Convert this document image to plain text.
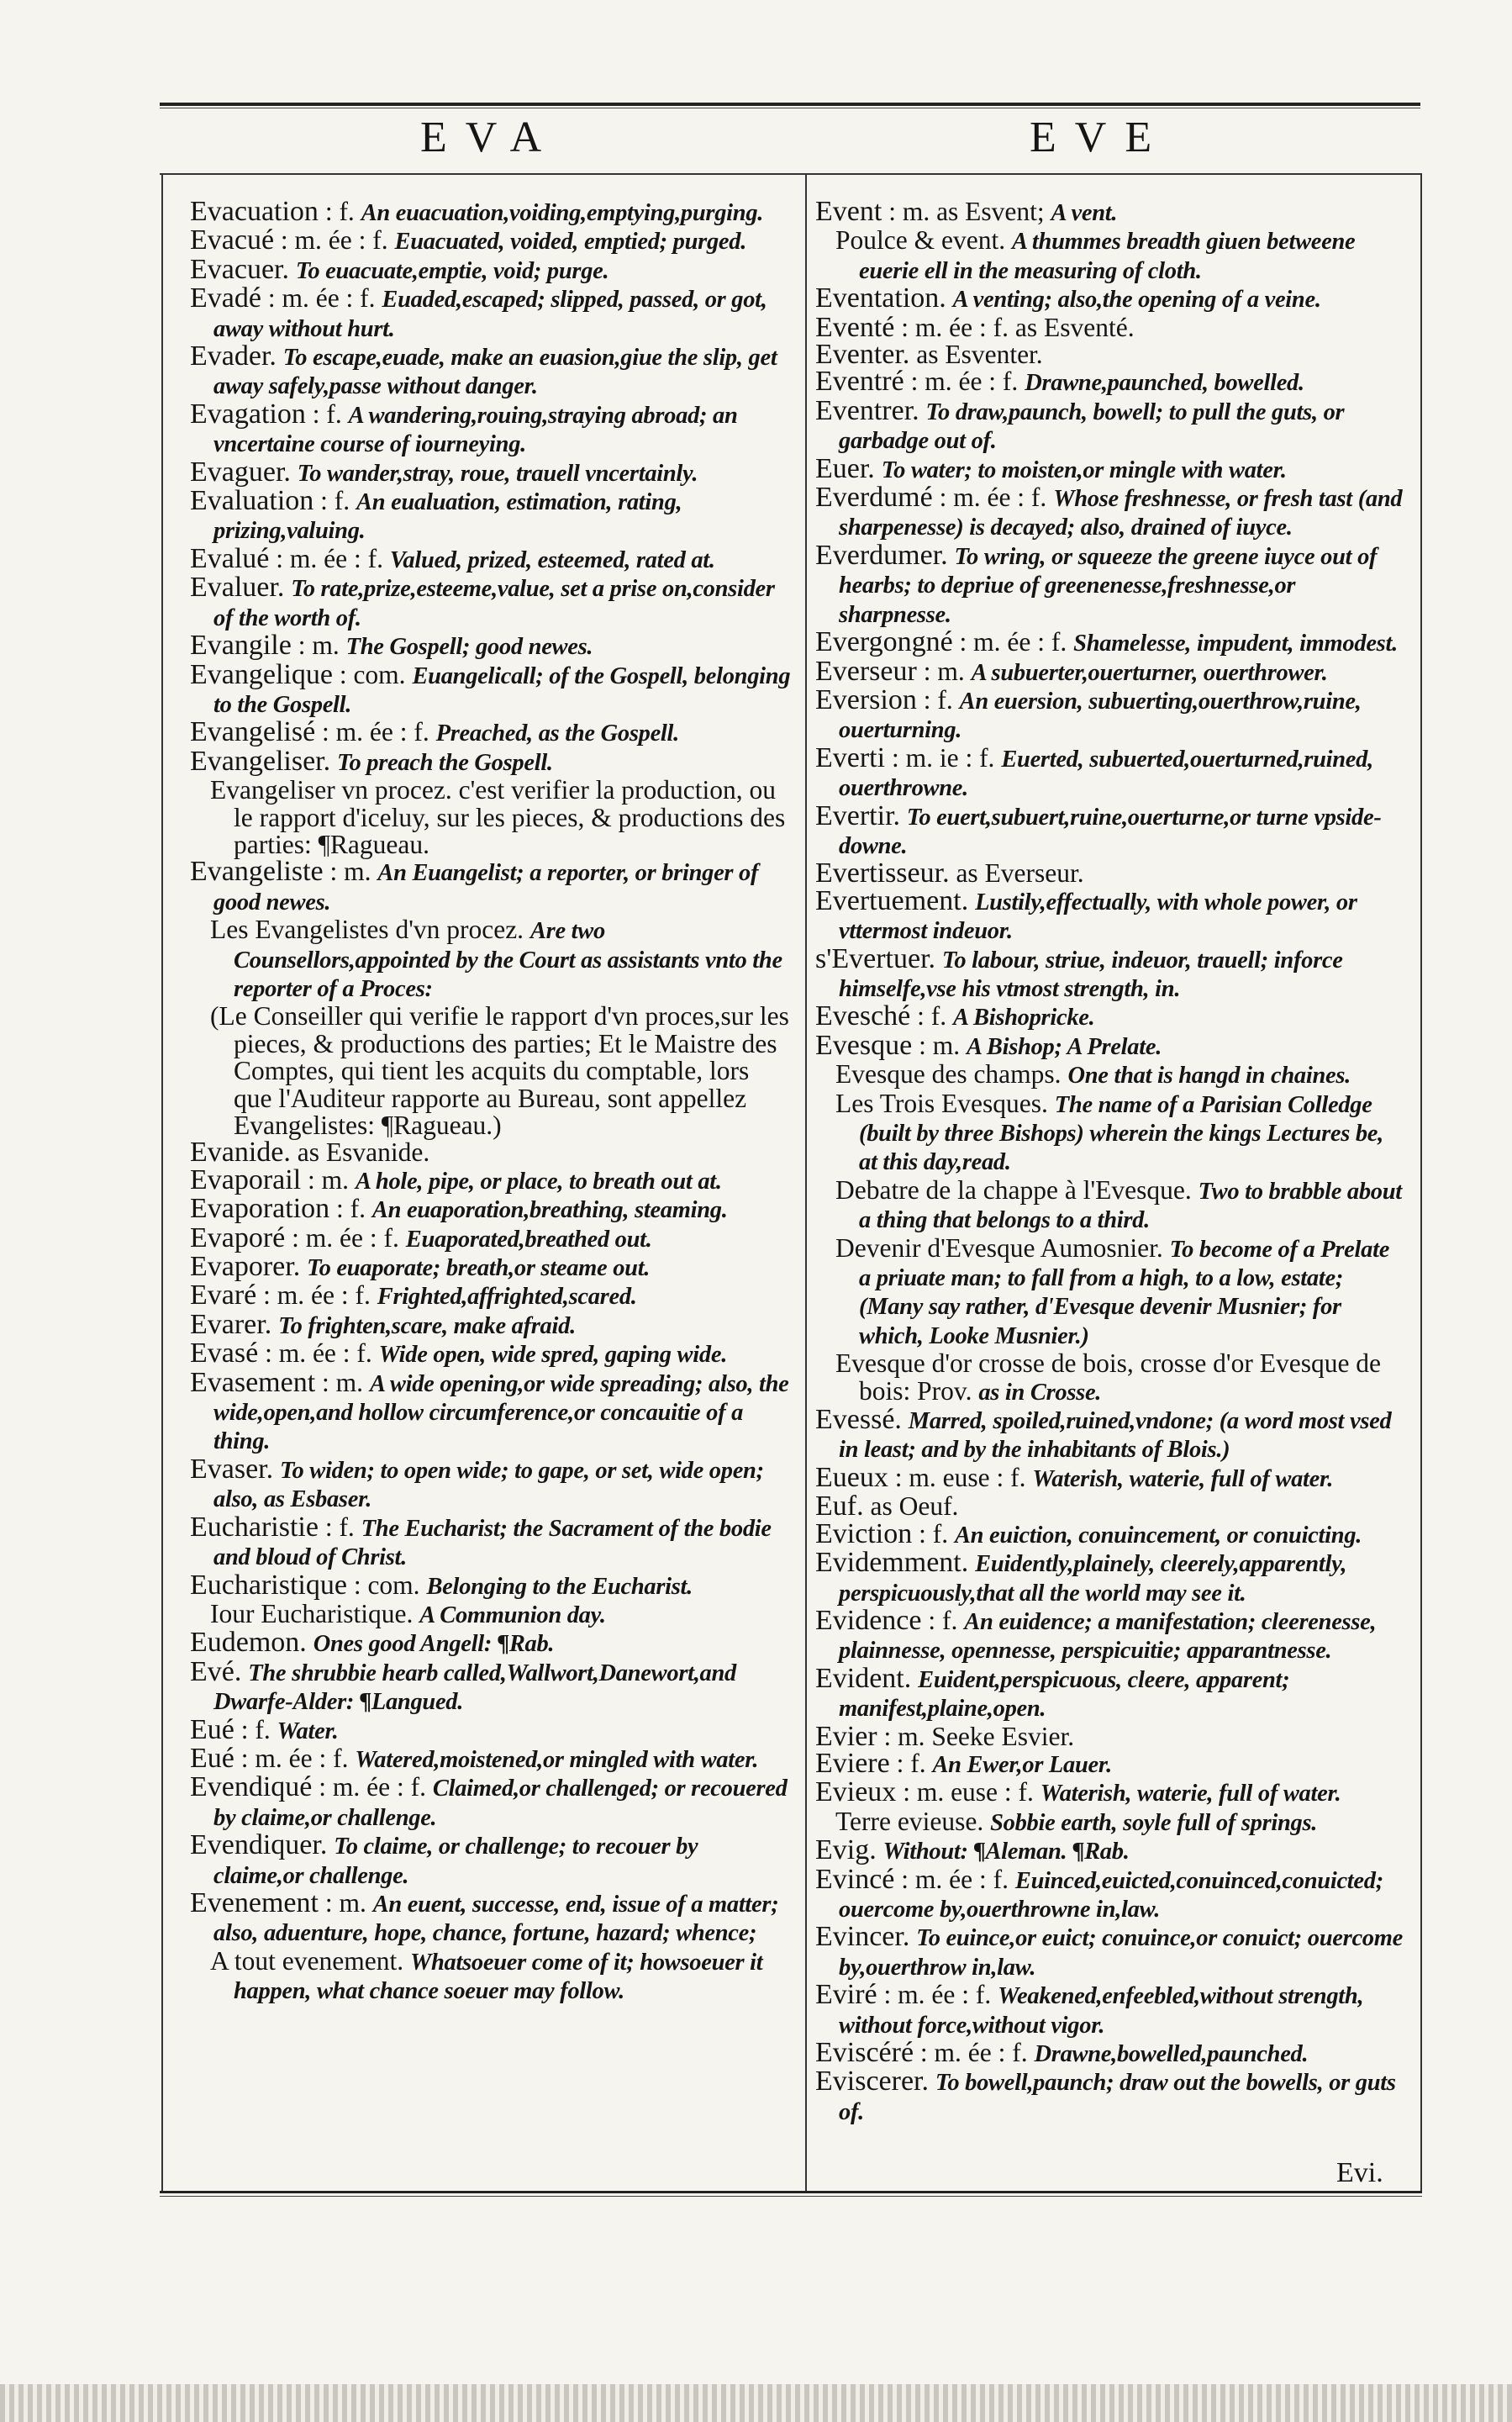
EVA	EVE
Evacuation : f. An euacuation,voiding,emptying,purging.
Evacué : m. ée : f. Euacuated, voided, emptied; purged.
Evacuer. To euacuate,emptie, void; purge.
Evadé : m. ée : f. Euaded,escaped; slipped, passed, or got, away without hurt.
Evader. To escape,euade, make an euasion,giue the slip, get away safely,passe without danger.
Evagation : f. A wandering,rouing,straying abroad; an vncertaine course of iourneying.
Evaguer. To wander,stray, roue, trauell vncertainly.
Evaluation : f. An eualuation, estimation, rating, prizing,valuing.
Evalué : m. ée : f. Valued, prized, esteemed, rated at.
Evaluer. To rate,prize,esteeme,value, set a prise on,consider of the worth of.
Evangile : m. The Gospell; good newes.
Evangelique : com. Euangelicall; of the Gospell, belonging to the Gospell.
Evangelisé : m. ée : f. Preached, as the Gospell.
Evangeliser. To preach the Gospell.
Evangeliser vn procez. c'est verifier la production, ou le rapport d'iceluy, sur les pieces, & productions des parties: ¶Ragueau.
Evangeliste : m. An Euangelist; a reporter, or bringer of good newes.
Les Evangelistes d'vn procez. Are two Counsellors,appointed by the Court as assistants vnto the reporter of a Proces:
(Le Conseiller qui verifie le rapport d'vn proces,sur les pieces, & productions des parties; Et le Maistre des Comptes, qui tient les acquits du comptable, lors que l'Auditeur rapporte au Bureau, sont appellez Evangelistes: ¶Ragueau.)
Evanide. as Esvanide.
Evaporail : m. A hole, pipe, or place, to breath out at.
Evaporation : f. An euaporation,breathing, steaming.
Evaporé : m. ée : f. Euaporated,breathed out.
Evaporer. To euaporate; breath,or steame out.
Evaré : m. ée : f. Frighted,affrighted,scared.
Evarer. To frighten,scare, make afraid.
Evasé : m. ée : f. Wide open, wide spred, gaping wide.
Evasement : m. A wide opening,or wide spreading; also, the wide,open,and hollow circumference,or concauitie of a thing.
Evaser. To widen; to open wide; to gape, or set, wide open; also, as Esbaser.
Eucharistie : f. The Eucharist; the Sacrament of the bodie and bloud of Christ.
Eucharistique : com. Belonging to the Eucharist.
Iour Eucharistique. A Communion day.
Eudemon. Ones good Angell: ¶Rab.
Evé. The shrubbie hearb called,Wallwort,Danewort,and Dwarfe-Alder: ¶Langued.
Eué : f. Water.
Eué : m. ée : f. Watered,moistened,or mingled with water.
Evendiqué : m. ée : f. Claimed,or challenged; or recouered by claime,or challenge.
Evendiquer. To claime, or challenge; to recouer by claime,or challenge.
Evenement : m. An euent, successe, end, issue of a matter; also, aduenture, hope, chance, fortune, hazard; whence;
A tout evenement. Whatsoeuer come of it; howsoeuer it happen, what chance soeuer may follow.
Event : m. as Esvent; A vent.
Poulce & event. A thummes breadth giuen betweene euerie ell in the measuring of cloth.
Eventation. A venting; also,the opening of a veine.
Eventé : m. ée : f. as Esventé.
Eventer. as Esventer.
Eventré : m. ée : f. Drawne,paunched, bowelled.
Eventrer. To draw,paunch, bowell; to pull the guts, or garbadge out of.
Euer. To water; to moisten,or mingle with water.
Everdumé : m. ée : f. Whose freshnesse, or fresh tast (and sharpenesse) is decayed; also, drained of iuyce.
Everdumer. To wring, or squeeze the greene iuyce out of hearbs; to depriue of greenenesse,freshnesse,or sharpnesse.
Evergongné : m. ée : f. Shamelesse, impudent, immodest.
Everseur : m. A subuerter,ouerturner, ouerthrower.
Eversion : f. An euersion, subuerting,ouerthrow,ruine, ouerturning.
Everti : m. ie : f. Euerted, subuerted,ouerturned,ruined, ouerthrowne.
Evertir. To euert,subuert,ruine,ouerturne,or turne vpside-downe.
Evertisseur. as Everseur.
Evertuement. Lustily,effectually, with whole power, or vttermost indeuor.
s'Evertuer. To labour, striue, indeuor, trauell; inforce himselfe,vse his vtmost strength, in.
Evesché : f. A Bishopricke.
Evesque : m. A Bishop; A Prelate.
Evesque des champs. One that is hangd in chaines.
Les Trois Evesques. The name of a Parisian Colledge (built by three Bishops) wherein the kings Lectures be, at this day,read.
Debatre de la chappe à l'Evesque. Two to brabble about a thing that belongs to a third.
Devenir d'Evesque Aumosnier. To become of a Prelate a priuate man; to fall from a high, to a low, estate; (Many say rather, d'Evesque devenir Musnier; for which, Looke Musnier.)
Evesque d'or crosse de bois, crosse d'or Evesque de bois: Prov. as in Crosse.
Evessé. Marred, spoiled,ruined,vndone; (a word most vsed in least; and by the inhabitants of Blois.)
Eueux : m. euse : f. Waterish, waterie, full of water.
Euf. as Oeuf.
Eviction : f. An euiction, conuincement, or conuicting.
Evidemment. Euidently,plainely, cleerely,apparently, perspicuously,that all the world may see it.
Evidence : f. An euidence; a manifestation; cleerenesse, plainnesse, opennesse, perspicuitie; apparantnesse.
Evident. Euident,perspicuous, cleere, apparent; manifest,plaine,open.
Evier : m. Seeke Esvier.
Eviere : f. An Ewer,or Lauer.
Evieux : m. euse : f. Waterish, waterie, full of water.
Terre evieuse. Sobbie earth, soyle full of springs.
Evig. Without: ¶Aleman. ¶Rab.
Evincé : m. ée : f. Euinced,euicted,conuinced,conuicted; ouercome by,ouerthrowne in,law.
Evincer. To euince,or euict; conuince,or conuict; ouercome by,ouerthrow in,law.
Eviré : m. ée : f. Weakened,enfeebled,without strength, without force,without vigor.
Eviscéré : m. ée : f. Drawne,bowelled,paunched.
Eviscerer. To bowell,paunch; draw out the bowells, or guts of.
Evi.
